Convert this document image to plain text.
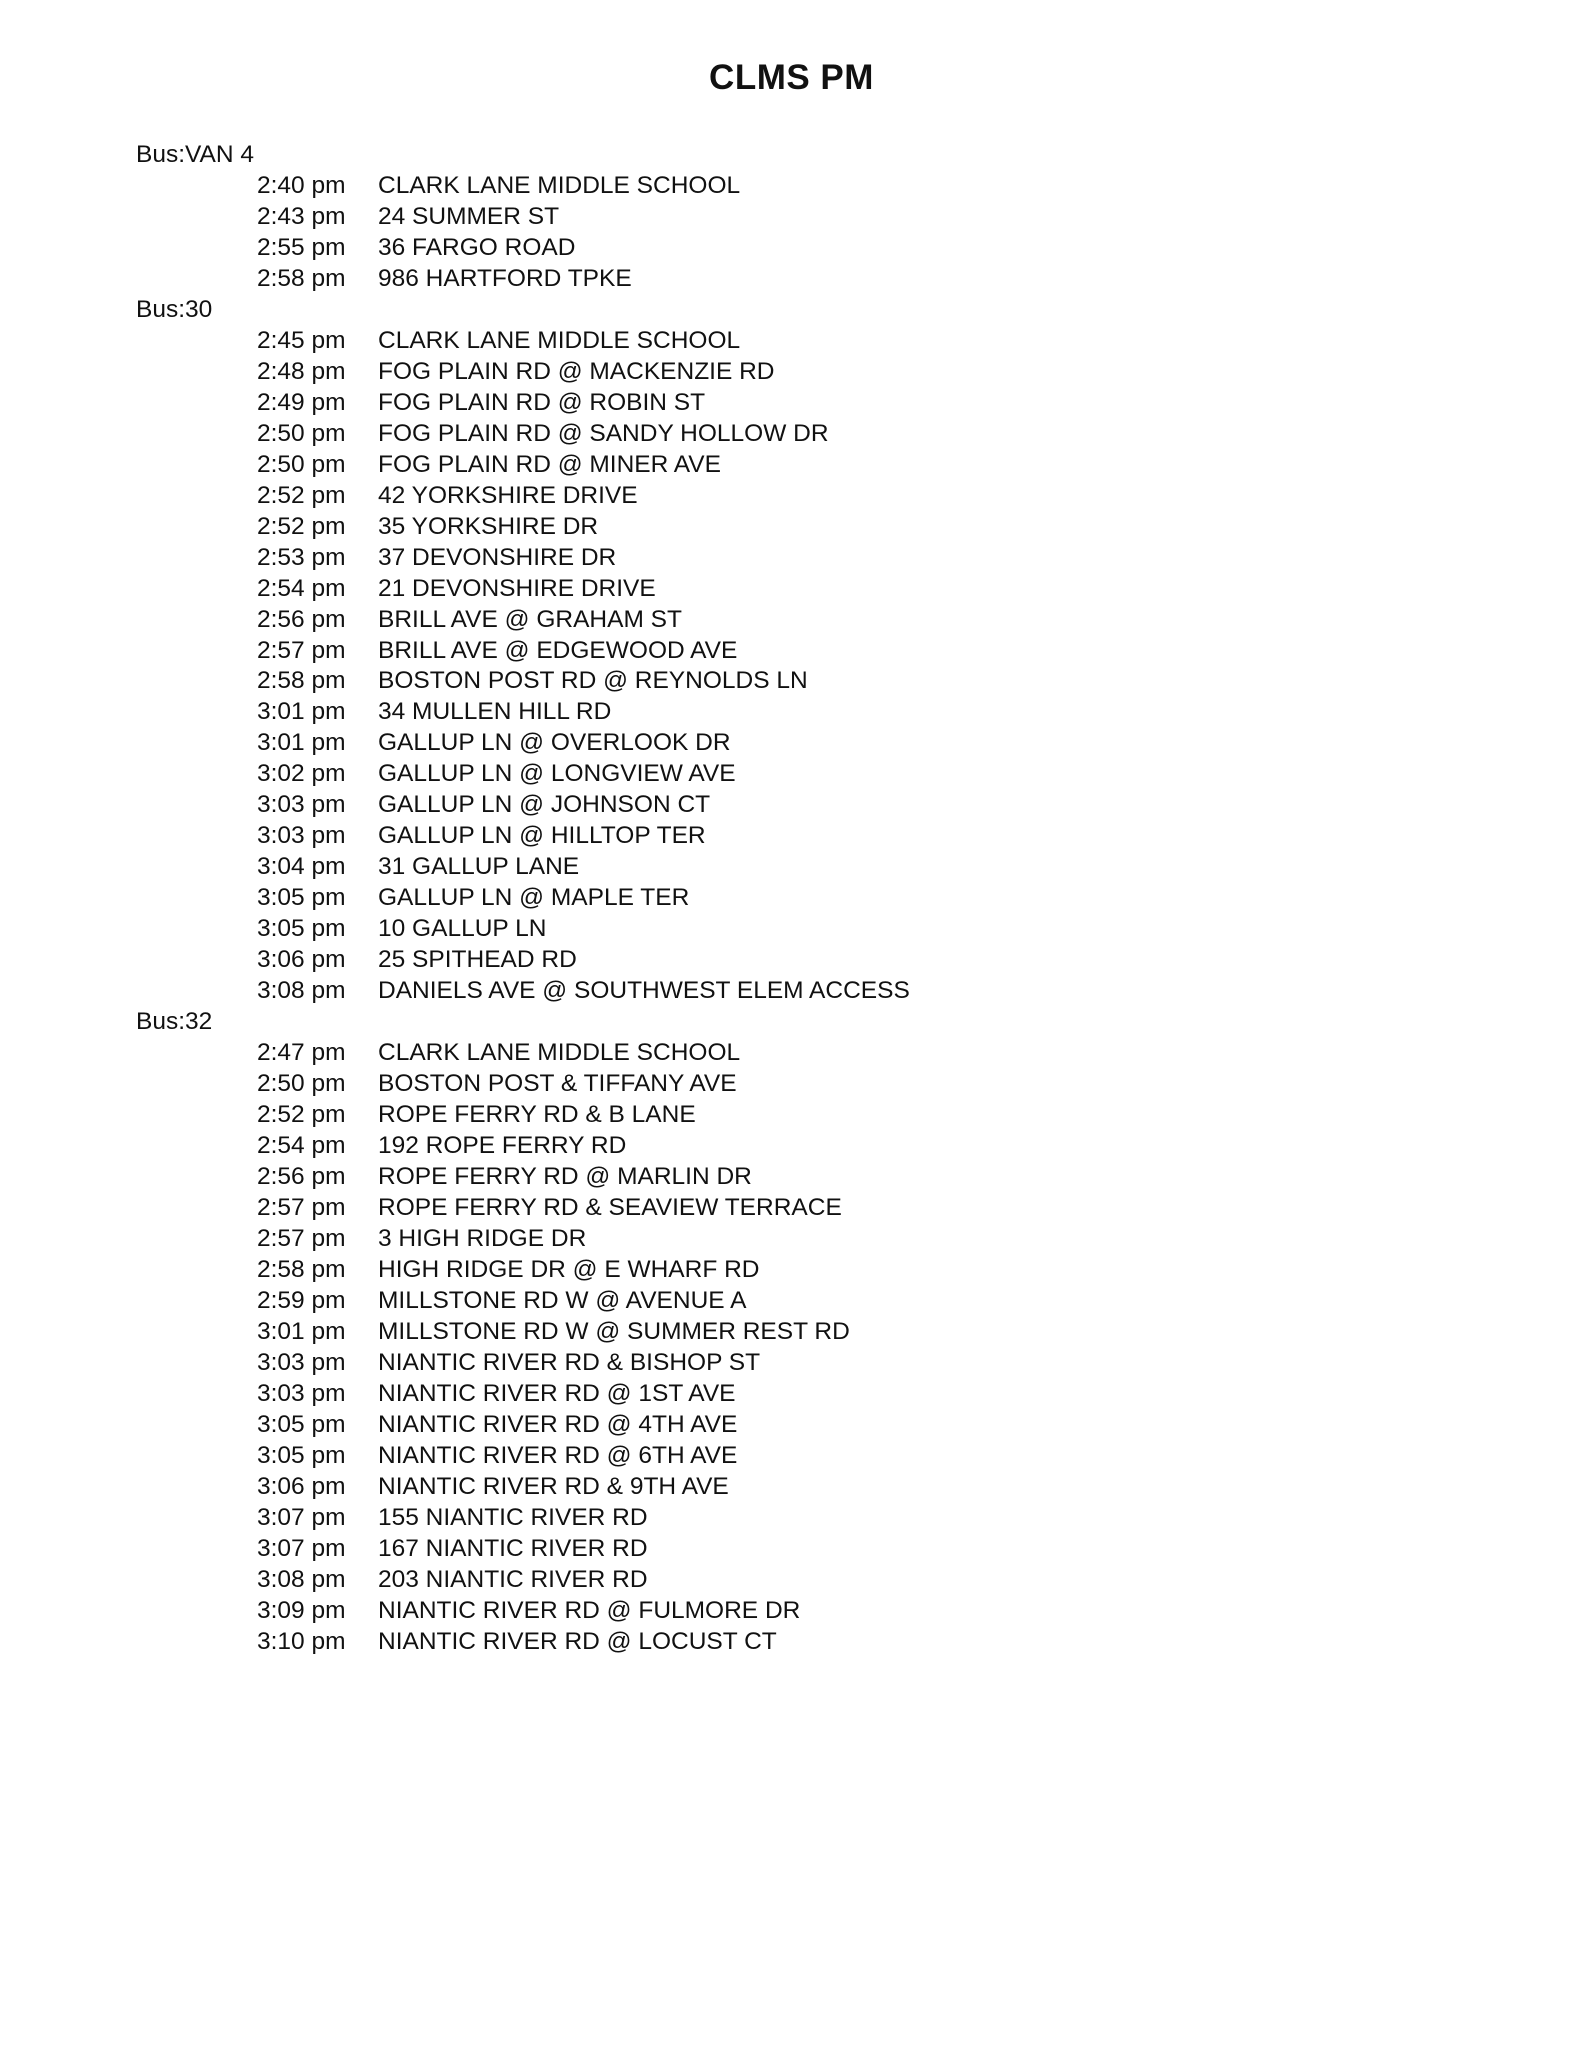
CLMS PM
Bus:VAN 4
2:40 pm CLARK LANE MIDDLE SCHOOL
2:43 pm 24 SUMMER ST
2:55 pm 36 FARGO ROAD
2:58 pm 986 HARTFORD TPKE
Bus:30
2:45 pm CLARK LANE MIDDLE SCHOOL
2:48 pm FOG PLAIN RD @ MACKENZIE RD
2:49 pm FOG PLAIN RD @ ROBIN ST
2:50 pm FOG PLAIN RD @ SANDY HOLLOW DR
2:50 pm FOG PLAIN RD @ MINER AVE
2:52 pm 42 YORKSHIRE DRIVE
2:52 pm 35 YORKSHIRE DR
2:53 pm 37 DEVONSHIRE DR
2:54 pm 21 DEVONSHIRE DRIVE
2:56 pm BRILL AVE @ GRAHAM ST
2:57 pm BRILL AVE @ EDGEWOOD AVE
2:58 pm BOSTON POST RD @ REYNOLDS LN
3:01 pm 34 MULLEN HILL RD
3:01 pm GALLUP LN @ OVERLOOK DR
3:02 pm GALLUP LN @ LONGVIEW AVE
3:03 pm GALLUP LN @ JOHNSON CT
3:03 pm GALLUP LN @ HILLTOP TER
3:04 pm 31 GALLUP LANE
3:05 pm GALLUP LN @ MAPLE TER
3:05 pm 10 GALLUP LN
3:06 pm 25 SPITHEAD RD
3:08 pm DANIELS AVE @ SOUTHWEST ELEM ACCESS
Bus:32
2:47 pm CLARK LANE MIDDLE SCHOOL
2:50 pm BOSTON POST & TIFFANY AVE
2:52 pm ROPE FERRY RD & B LANE
2:54 pm 192 ROPE FERRY RD
2:56 pm ROPE FERRY RD @ MARLIN DR
2:57 pm ROPE FERRY RD & SEAVIEW TERRACE
2:57 pm 3 HIGH RIDGE DR
2:58 pm HIGH RIDGE DR @ E WHARF RD
2:59 pm MILLSTONE RD W @ AVENUE A
3:01 pm MILLSTONE RD W @ SUMMER REST RD
3:03 pm NIANTIC RIVER RD & BISHOP ST
3:03 pm NIANTIC RIVER RD @ 1ST AVE
3:05 pm NIANTIC RIVER RD @ 4TH AVE
3:05 pm NIANTIC RIVER RD @ 6TH AVE
3:06 pm NIANTIC RIVER RD & 9TH AVE
3:07 pm 155 NIANTIC RIVER RD
3:07 pm 167 NIANTIC RIVER RD
3:08 pm 203 NIANTIC RIVER RD
3:09 pm NIANTIC RIVER RD @ FULMORE DR
3:10 pm NIANTIC RIVER RD @ LOCUST CT
